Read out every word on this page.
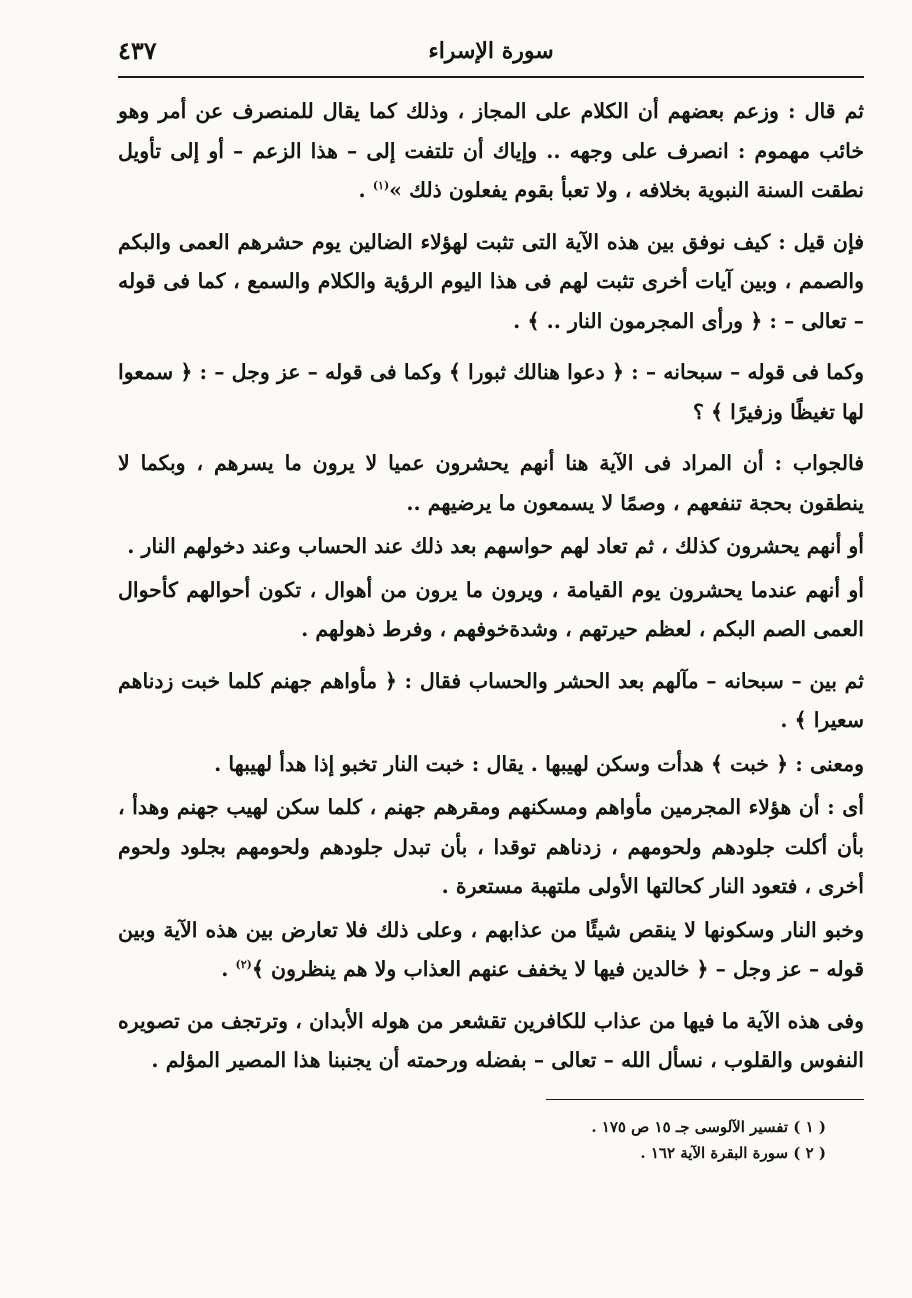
سورة الإسراء
٤٣٧

ثم قال : وزعم بعضهم أن الكلام على المجاز ، وذلك كما يقال للمنصرف عن أمر وهو خائب مهموم : انصرف على وجهه .. وإياك أن تلتفت إلى – هذا الزعم – أو إلى تأويل نطقت السنة النبوية بخلافه ، ولا تعبأ بقوم يفعلون ذلك »$^{(١)}$ .

فإن قيل : كيف نوفق بين هذه الآية التى تثبت لهؤلاء الضالين يوم حشرهم العمى والبكم والصمم ، وبين آيات أخرى تثبت لهم فى هذا اليوم الرؤية والكلام والسمع ، كما فى قوله – تعالى – : ﴿ ورأى المجرمون النار .. ﴾ .

وكما فى قوله – سبحانه – : ﴿ دعوا هنالك ثبورا ﴾ وكما فى قوله – عز وجل – : ﴿ سمعوا لها تغيظًا وزفيرًا ﴾ ؟

فالجواب : أن المراد فى الآية هنا أنهم يحشرون عميا لا يرون ما يسرهم ، وبكما لا ينطقون بحجة تنفعهم ، وصمًا لا يسمعون ما يرضيهم ..

أو أنهم يحشرون كذلك ، ثم تعاد لهم حواسهم بعد ذلك عند الحساب وعند دخولهم النار .

أو أنهم عندما يحشرون يوم القيامة ، ويرون ما يرون من أهوال ، تكون أحوالهم كأحوال العمى الصم البكم ، لعظم حيرتهم ، وشدةخوفهم ، وفرط ذهولهم .

ثم بين – سبحانه – مآلهم بعد الحشر والحساب فقال : ﴿ مأواهم جهنم كلما خبت زدناهم سعيرا ﴾ .

ومعنى : ﴿ خبت ﴾ هدأت وسكن لهيبها . يقال : خبت النار تخبو إذا هدأ لهيبها .

أى : أن هؤلاء المجرمين مأواهم ومسكنهم ومقرهم جهنم ، كلما سكن لهيب جهنم وهدأ ، بأن أكلت جلودهم ولحومهم ، زدناهم توقدا ، بأن تبدل جلودهم ولحومهم بجلود ولحوم أخرى ، فتعود النار كحالتها الأولى ملتهبة مستعرة .

وخبو النار وسكونها لا ينقص شيئًا من عذابهم ، وعلى ذلك فلا تعارض بين هذه الآية وبين قوله – عز وجل – ﴿ خالدين فيها لا يخفف عنهم العذاب ولا هم ينظرون ﴾$^{(٢)}$ .

وفى هذه الآية ما فيها من عذاب للكافرين تقشعر من هوله الأبدان ، وترتجف من تصويره النفوس والقلوب ، نسأل الله – تعالى – بفضله ورحمته أن يجنبنا هذا المصير المؤلم .

( ١ ) تفسير الآلوسى جـ ١٥ ص ١٧٥ .
( ٢ ) سورة البقرة الآية ١٦٢ .
